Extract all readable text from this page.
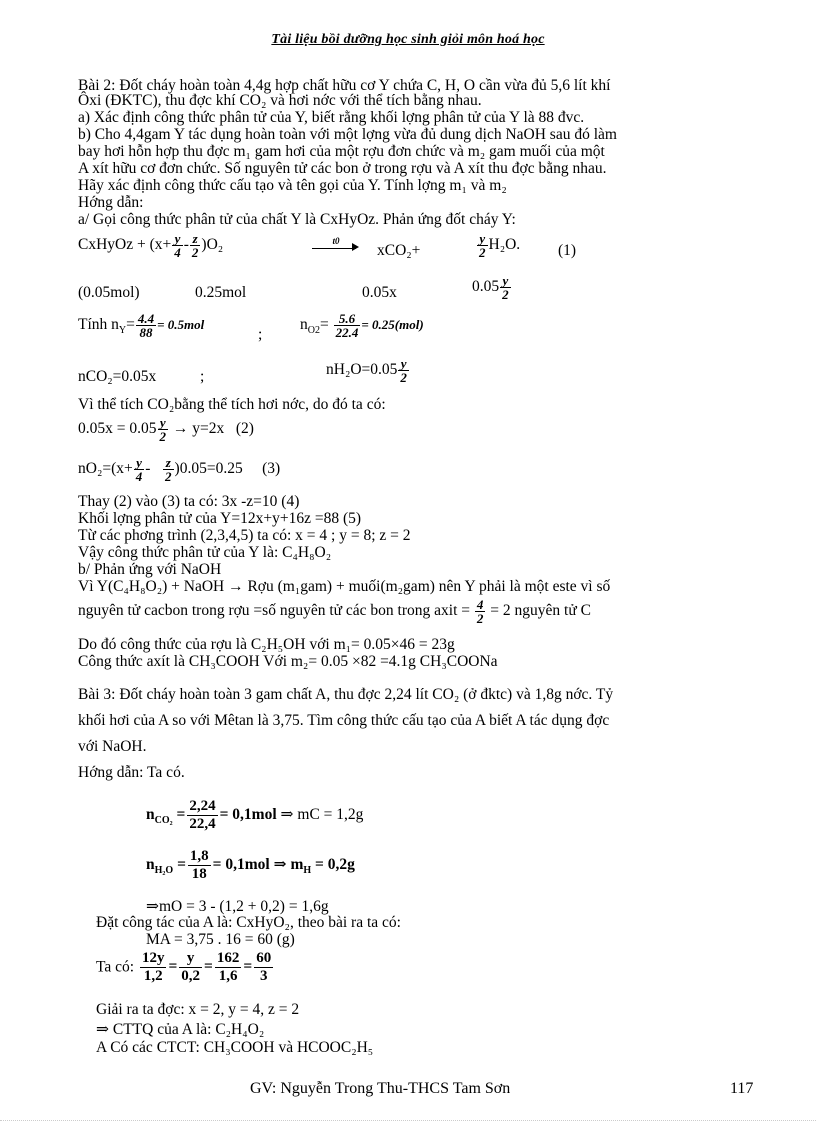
Tài liệu bồi dưỡng học sinh giỏi môn hoá học
Bài 2: Đốt cháy hoàn toàn 4,4g hợp chất hữu cơ Y chứa C, H, O cần vừa đủ 5,6 lít khí
Ôxi (ĐKTC), thu đợc khí CO₂ và hơi nớc với thể tích bằng nhau.
a) Xác định công thức phân tử của Y, biết rằng khối lợng phân tử của Y là 88 đvc.
b) Cho 4,4gam Y tác dụng hoàn toàn với một lợng vừa đủ dung dịch NaOH sau đó làm
bay hơi hỗn hợp thu đợc m₁ gam hơi của một rợu đơn chức và m₂ gam muối của một
A xít hữu cơ đơn chức. Số nguyên tử các bon ở trong rợu và A xít thu đợc bằng nhau.
Hãy xác định công thức cấu tạo và tên gọi của Y. Tính lợng m₁ và m₂
Hớng dẫn:
a/ Gọi công thức phân tử của chất Y là CxHyOz. Phản ứng đốt cháy Y:
CxHyOz + $(x+ \frac{y}{4} - \frac{z}{2} )O_2$	t0
xCO₂+	$\frac{y}{2} H_2O$. (1)
(0.05mol)	0.25mol	0.05x	$0.05 \frac{y}{2}$
Tính $n_Y= \frac{4.4}{88} = 0.5mol$
;
$n_{O2}= \frac{5.6}{22.4} = 0.25(mol)$
nCO₂=0.05x	;	$nH_2O=0.05 \frac{y}{2}$
Vì thể tích CO₂bằng thể tích hơi nớc, do đó ta có:
$0.05x = 0.05 \frac{y}{2} \to y=2x$ (2)
$nO_2=(x+ \frac{y}{4} - \frac{z}{2} )0.05=0.25$ (3)
Thay (2) vào (3) ta có: 3x -z=10 (4)
Khối lợng phân tử của Y=12x+y+16z =88 (5)
Từ các phơng trình (2,3,4,5) ta có: x = 4 ; y = 8; z = 2
Vậy công thức phân tử của Y là: C₄H₈O₂
b/ Phản ứng với NaOH
Vì Y(C₄H₈O₂) + NaOH → Rợu (m₁gam) + muối(m₂gam) nên Y phải là một este vì số
nguyên tử cacbon trong rợu =số nguyên tử các bon trong axit = $\frac{4}{2} = 2$ nguyên tử C
Do đó công thức của rợu là C₂H₅OH với m₁= 0.05×46 = 23g
Công thức axít là CH₃COOH Với m₂= 0.05 ×82 =4.1g CH₃COONa
Bài 3: Đốt cháy hoàn toàn 3 gam chất A, thu đợc 2,24 lít CO₂ (ở đktc) và 1,8g nớc. Tỷ
khối hơi của A so với Mêtan là 3,75. Tìm công thức cấu tạo của A biết A tác dụng đợc
với NaOH.
Hớng dẫn: Ta có.
$n_{CO_2} = \frac{2,24}{22,4} = 0,1mol$ ⇒ mC = 1,2g
$n_{H_2O} = \frac{1,8}{18} = 0,1mol$ ⇒ $m_H = 0,2g$
⇒mO = 3 - (1,2 + 0,2) = 1,6g
Đặt công tác của A là: CxHyO₂, theo bài ra ta có:
MA = 3,75 . 16 = 60 (g)
Ta có: $\frac{12y}{1,2} = \frac{y}{0,2} = \frac{162}{1,6} = \frac{60}{3}$
Giải ra ta đợc: x = 2, y = 4, z = 2
⇒ CTTQ của A là: C₂H₄O₂
A Có các CTCT: CH₃COOH và HCOOC₂H₅
GV: Nguyễn Trong Thu-THCS Tam Sơn	117
